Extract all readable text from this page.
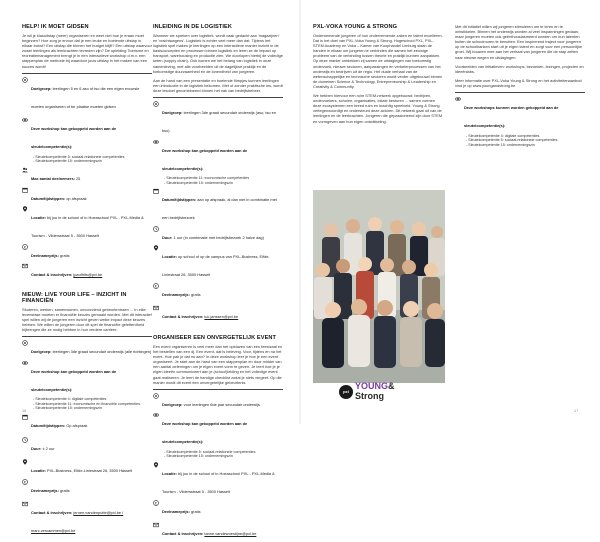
HELP! IK MOET GIDSEN

Je wil je klasuitstap (meer) organiseren en weet niet hoe je eraan moet beginnen? Hoe zorg je ervoor dat je een leuke en boeiende uitstap in elkaar bokst? Een uitstap die binnen het budget blijft? Een uitstap waarvoor zowel leerlingen als leerkrachten tevreden zijn? De opleiding Toerisme en recreatiemanagement brengt je in een interactieve workshop d.m.v. een stappenplan de methode bij waardoor jouw uitstap in het maken van een succes wordt!

Doelgroep: leerlingen 5 en 6 aso of tso die een eigen excursie moeten organiseren of ter plaatse moeten gidsen
Deze workshop kan gekoppeld worden aan de sleutelcompetentie(s):
- Sleutelcompetentie 5: sociaal-relationele competenties
- Sleutelcompetentie 15: ondernemingszin
Max aantal deelnemers: 25
Datum/tijdstippen: op afspraak
Locatie: bij jou in de school of in Hoeaschool PXL - PXL-Media & Tourism - Vildersstraat 5 - 3500 Hasselt
€
Deelnameprijs: gratis
Contact & inschrijven: jpaulfrits@pxl.be
NIEUW: LIVE YOUR LIFE – INZICHT IN FINANCIËN

Studeren, werken, samenwonen, onvoorziend gebeurtenissen ... In elke levensfase moeten er financiële keuzes gemaakt worden. Met dit interactief spel willen wij de jongeren een inzicht geven welke impact deze keuzes hebben. We willen de jongeren door dit spel de financiële geletterdheid bijbrengen die ze nodig hebben in hun verdere carrière.

Doelgroep: leerlingen 3de graad secundair onderwijs (alle richtingen)
Deze workshop kan gekoppeld worden aan de sleutelcompetentie(s):
- Sleutelcompetentie 4: digitale competenties
- Sleutelcompetentie 11: economische en financiële competenties
- Sleutelcompetentie 15: ondernemingszin
Datum/tijdstippen: Op afspraak
Duur: ± 2 uur
Locatie: PXL-Business, Elfde-Liniestraat 26, 3500 Hasselt
€
Deelnameprijs: gratis
Contact & inschrijven: jeroen.vandenputte@pxl.be / marc.vercammen@pxl.be
INLEIDING IN DE LOGISTIEK

Wanneer we spreken over logistiek, wordt vaak gedacht aan 'magazijnen' en 'vrachtwagens'. Logistiek is echter veel meer dan dat. Tijdens het logistiek spel maken je leerlingen op een interactieve manier inzicht in de basisconcepten en processen binnen logistiek en leren ze de impact op transport, warehousing en productie zien. We doorlopen hierbij de volledige keten (supply chain). Ook komen we het belang van logistiek in onze samenleving, met alle voorbeelden uit de dagelijkse praktijk en de toekomstige duurzaamheid en de lonendheid van jongeren.

Aan de hand van een presentatie en boeiende filmpjes kunnen leerlingen een introductie in de logistiek bekomen. Met of zonder praktische les, wordt deze lesdoel gecombineerd binnen het vak van bedrijfsbeheer.

Doelgroep: leerlingen 3de graad secundair onderwijs (aso, tso en bso)
Deze workshop kan gekoppeld worden aan de sleutelcompetentie(s):
- Sleutelcompetentie 11: economische competenties
- Sleutelcompetentie 15: ondernemingszin
Datum/tijdstippen: aan op afspraak, al dan niet in combinatie met een bedrijfsbezoek
Duur: 1 uur (in combinatie met bedrijfsbezoek 2 halve dag)
Locatie: op school of op de campus van PXL-Business, Elfde-Liniestraat 26, 3500 Hasselt
€
Deelnameprijs: gratis
Contact & inschrijven: luc.janssen@pxl.be
ORGANISEER EEN ONVERGETELIJK EVENT

Een event organiseren is veel meer dan het opblazen van een feestzaal en het bestellen van een dj. Een event, dat is beleving. Voor, tijdens én na het event. Hoe pak je dat nu aan? In deze workshop leer je hoe je een event organiseert. Je start aan de hand van een stappenplan en door middel van een aantal oefeningen om je eigen event vorm te geven. Je leert hoe je je eigen ideeën communiceert aan je (school)leiding en het volledige event gaat realiseren. Je leert de handige checklist zodat je niets vergeet. Op die manier wordt dit event een onvergetelijke gebeurtenis.

Doelgroep: voor leerlingen 6de jaar secundair onderwijs
Deze workshop kan gekoppeld worden aan de sleutelcompetentie(s):
- Sleutelcompetentie 5: sociaal-relationele competenties
- Sleutelcompetentie 15: ondernemingszin
Locatie: bij jou in de school of in Hoeaschool PXL - PXL-Media & Tourism - Vildersstraat 5 - 3500 Hasselt
€
Deelnameprijs: gratis
Contact & inschrijven: tanne.vandewoestijne@pxl.be
PXL-VOKA YOUNG & STRONG

Ondernemende jongeren of hun ondernemende zaken en talent excelleren. Dat is het doel van PXL-Voka Young & Strong. Hogeschool PXL, PXL-STEM Academy en Voka – Kamer van Koophandel Limburg slaan de handen in elkaar om jongeren te verbinden die samen het eeuwige probleem van de verbinding tussen theorie en praktijk kunnen aanpakken. Op deze manier ontdekken zij samen de uitdagingen van toekomstig onderzoek, nieuwe sectoren, aanpassingen en verbeterprocessen van het onderwijs en bedrijven uit de regio. Het duale verhaal van de wetenschappelijke en technische sectoren wordt verder uitgebouwd binnen de domeinen Science & Technology, Entrepreneurship & Leadership en Creativity & Community.

We hebben hiervoor een ruim STEM-netwerk opgebouwd: bedrijven, onderzoekers, scholen, organisaties, lokale besturen ... samen vormen deze ecosystemen een breed ruim en krachtig speelveld. Young & Strong vertegenwoordigt en ondersteunt deze actoren. Dit netwerk gaat uit van de leerlingen en de leerkrachten. Jongeren die gepassioneerd zijn door STEM en vormgeven aan hun eigen ontwikkeling.

pxl
YOUNG&
Strong

Met dit initiatief willen wij jongeren stimuleren om te leren en te ontwikkelen. Binnen het onderwijs worden al veel inspanningen gedaan, maar jongeren moeten ook geënthousiasmeerd worden om hun talenten buiten de schoolmuren te benutten. Een inspirerend traject voor jongeren op de schoolbanken start uit je eigen talent en zorgt voor een persoonlijke groei. Wij bouwen mee aan het verhaal van jongeren die de stap zetten naar nieuwe wegen en uitdagingen.

Voorbeelden van initiatieven: workshops, bezoeken, lezingen, projecten en ideeënlabs.

Meer informatie over PXL-Voka Young & Strong en het activiteitenaanbod vind je op www.youngandstrong.be

Deze workshops kunnen worden gekoppeld aan de sleutelcompetentie(s):
- Sleutelcompetentie 4: digitale competenties
- Sleutelcompetentie 5: sociaal-relationele competenties
- Sleutelcompetentie 15: ondernemingszin
16	17
